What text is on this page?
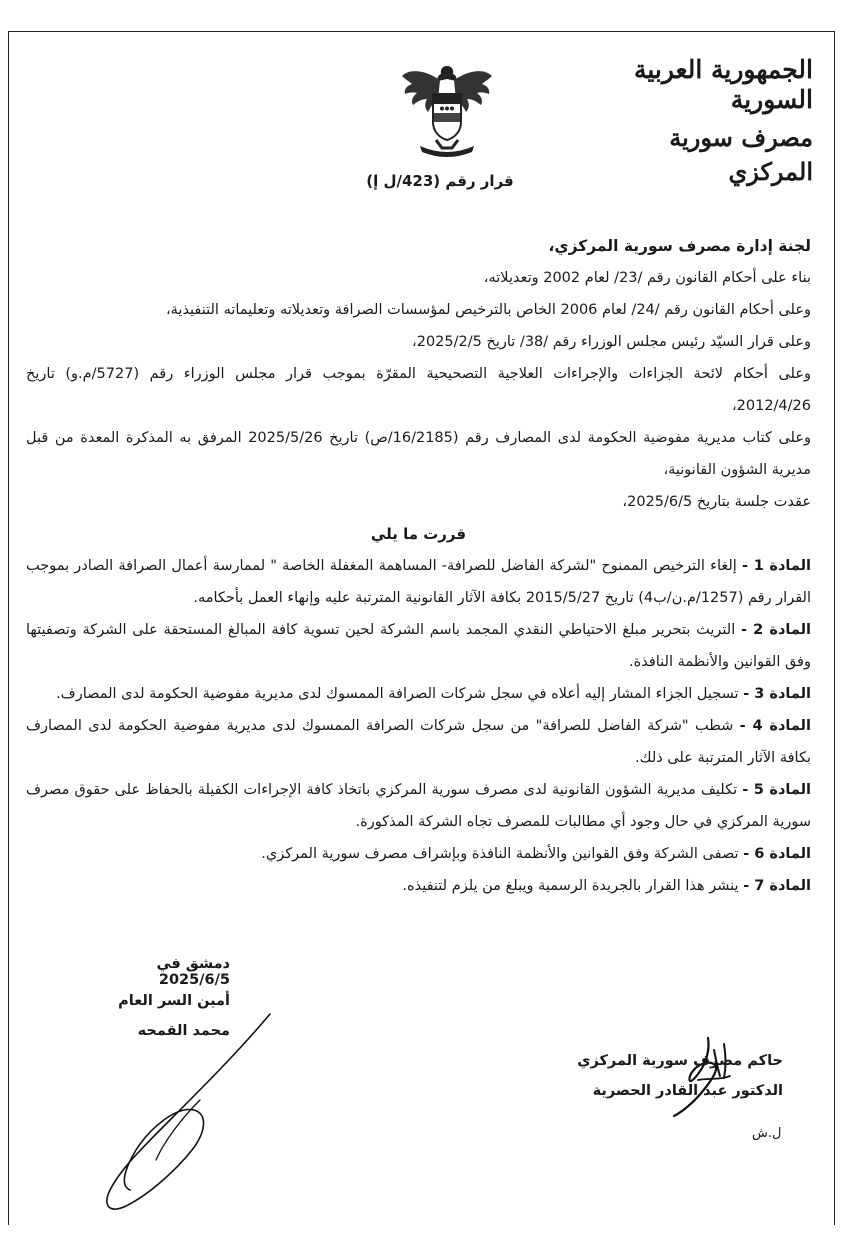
الجمهورية العربية السورية
مصرف سورية المركزي
قرار رقم (423/ل إ)

لجنة إدارة مصرف سورية المركزي،

بناء على أحكام القانون رقم /23/ لعام 2002 وتعديلاته،

وعلى أحكام القانون رقم /24/ لعام 2006 الخاص بالترخيص لمؤسسات الصرافة وتعديلاته وتعليماته التنفيذية،

وعلى قرار السيّد رئيس مجلس الوزراء رقم /38/ تاريخ 2025/2/5،

وعلى أحكام لائحة الجزاءات والإجراءات العلاجية التصحيحية المقرّة بموجب قرار مجلس الوزراء رقم (5727/م.و) تاريخ 2012/4/26،

وعلى كتاب مديرية مفوضية الحكومة لدى المصارف رقم (16/2185/ص) تاريخ 2025/5/26 المرفق به المذكرة المعدة من قبل مديرية الشؤون القانونية،

عقدت جلسة بتاريخ 2025/6/5،

قررت ما يلي

المادة 1 - إلغاء الترخيص الممنوح "لشركة الفاضل للصرافة- المساهمة المغفلة الخاصة " لممارسة أعمال الصرافة الصادر بموجب القرار رقم (1257/م.ن/ب4) تاريخ 2015/5/27 بكافة الآثار القانونية المترتبة عليه وإنهاء العمل بأحكامه.

المادة 2 - التريث بتحرير مبلغ الاحتياطي النقدي المجمد باسم الشركة لحين تسوية كافة المبالغ المستحقة على الشركة وتصفيتها وفق القوانين والأنظمة النافذة.

المادة 3 - تسجيل الجزاء المشار إليه أعلاه في سجل شركات الصرافة الممسوك لدى مديرية مفوضية الحكومة لدى المصارف.

المادة 4 - شطب "شركة الفاضل للصرافة" من سجل شركات الصرافة الممسوك لدى مديرية مفوضية الحكومة لدى المصارف بكافة الآثار المترتبة على ذلك.

المادة 5 - تكليف مديرية الشؤون القانونية لدى مصرف سورية المركزي باتخاذ كافة الإجراءات الكفيلة بالحفاظ على حقوق مصرف سورية المركزي في حال وجود أي مطالبات للمصرف تجاه الشركة المذكورة.

المادة 6 - تصفى الشركة وفق القوانين والأنظمة النافذة وبإشراف مصرف سورية المركزي.

المادة 7 - ينشر هذا القرار بالجريدة الرسمية ويبلغ من يلزم لتنفيذه.

دمشق في 2025/6/5
أمين السر العام
محمد القمحه
حاكم مصرف سورية المركزي
الدكتور عبد القادر الحصرية
ل.ش
